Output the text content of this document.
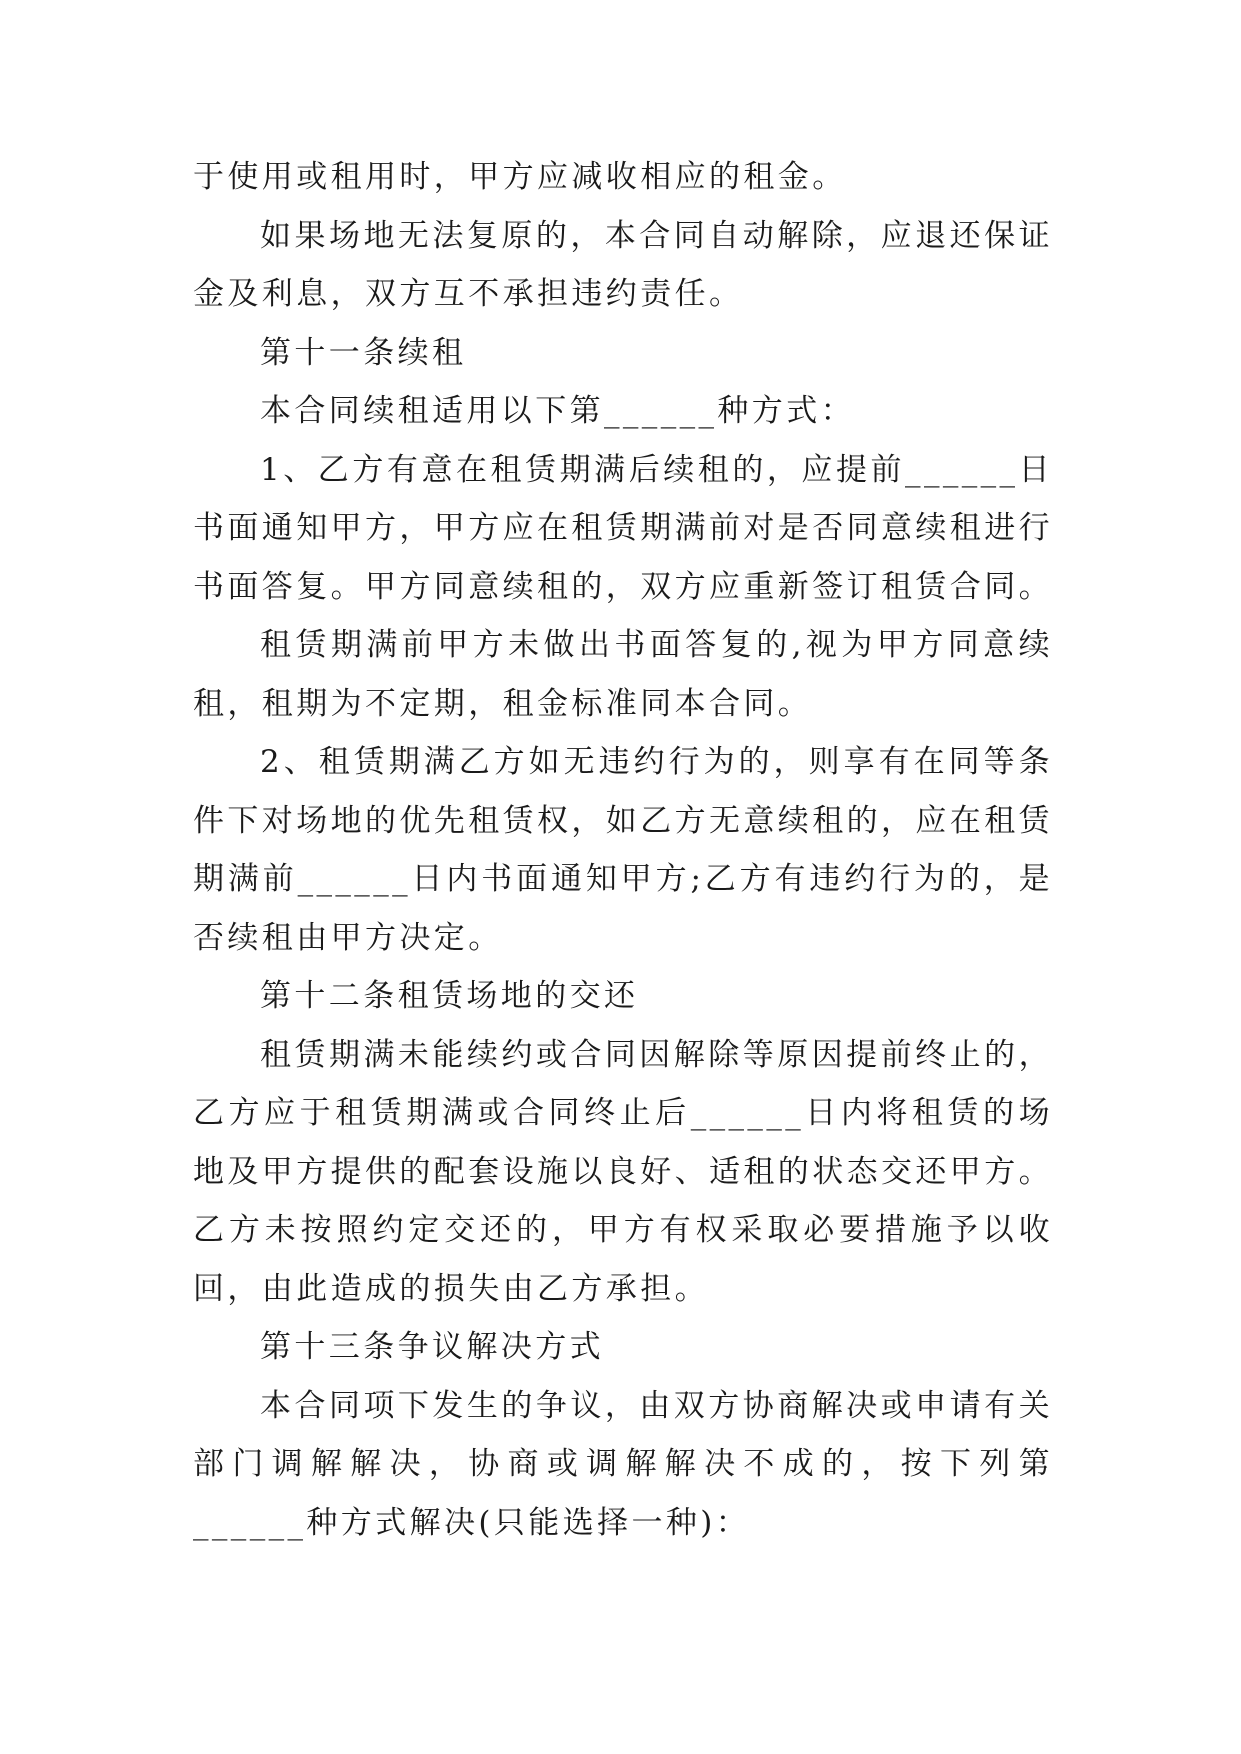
于使用或租用时，甲方应减收相应的租金。

如果场地无法复原的，本合同自动解除，应退还保证金及利息，双方互不承担违约责任。

第十一条续租

本合同续租适用以下第______种方式：

1、乙方有意在租赁期满后续租的，应提前______日书面通知甲方，甲方应在租赁期满前对是否同意续租进行书面答复。甲方同意续租的，双方应重新签订租赁合同。

租赁期满前甲方未做出书面答复的,视为甲方同意续租，租期为不定期，租金标准同本合同。

2、租赁期满乙方如无违约行为的，则享有在同等条件下对场地的优先租赁权，如乙方无意续租的，应在租赁期满前______日内书面通知甲方;乙方有违约行为的，是否续租由甲方决定。

第十二条租赁场地的交还

租赁期满未能续约或合同因解除等原因提前终止的，乙方应于租赁期满或合同终止后______日内将租赁的场地及甲方提供的配套设施以良好、适租的状态交还甲方。乙方未按照约定交还的，甲方有权采取必要措施予以收回，由此造成的损失由乙方承担。

第十三条争议解决方式

本合同项下发生的争议，由双方协商解决或申请有关部门调解解决，协商或调解解决不成的，按下列第______种方式解决(只能选择一种)：
